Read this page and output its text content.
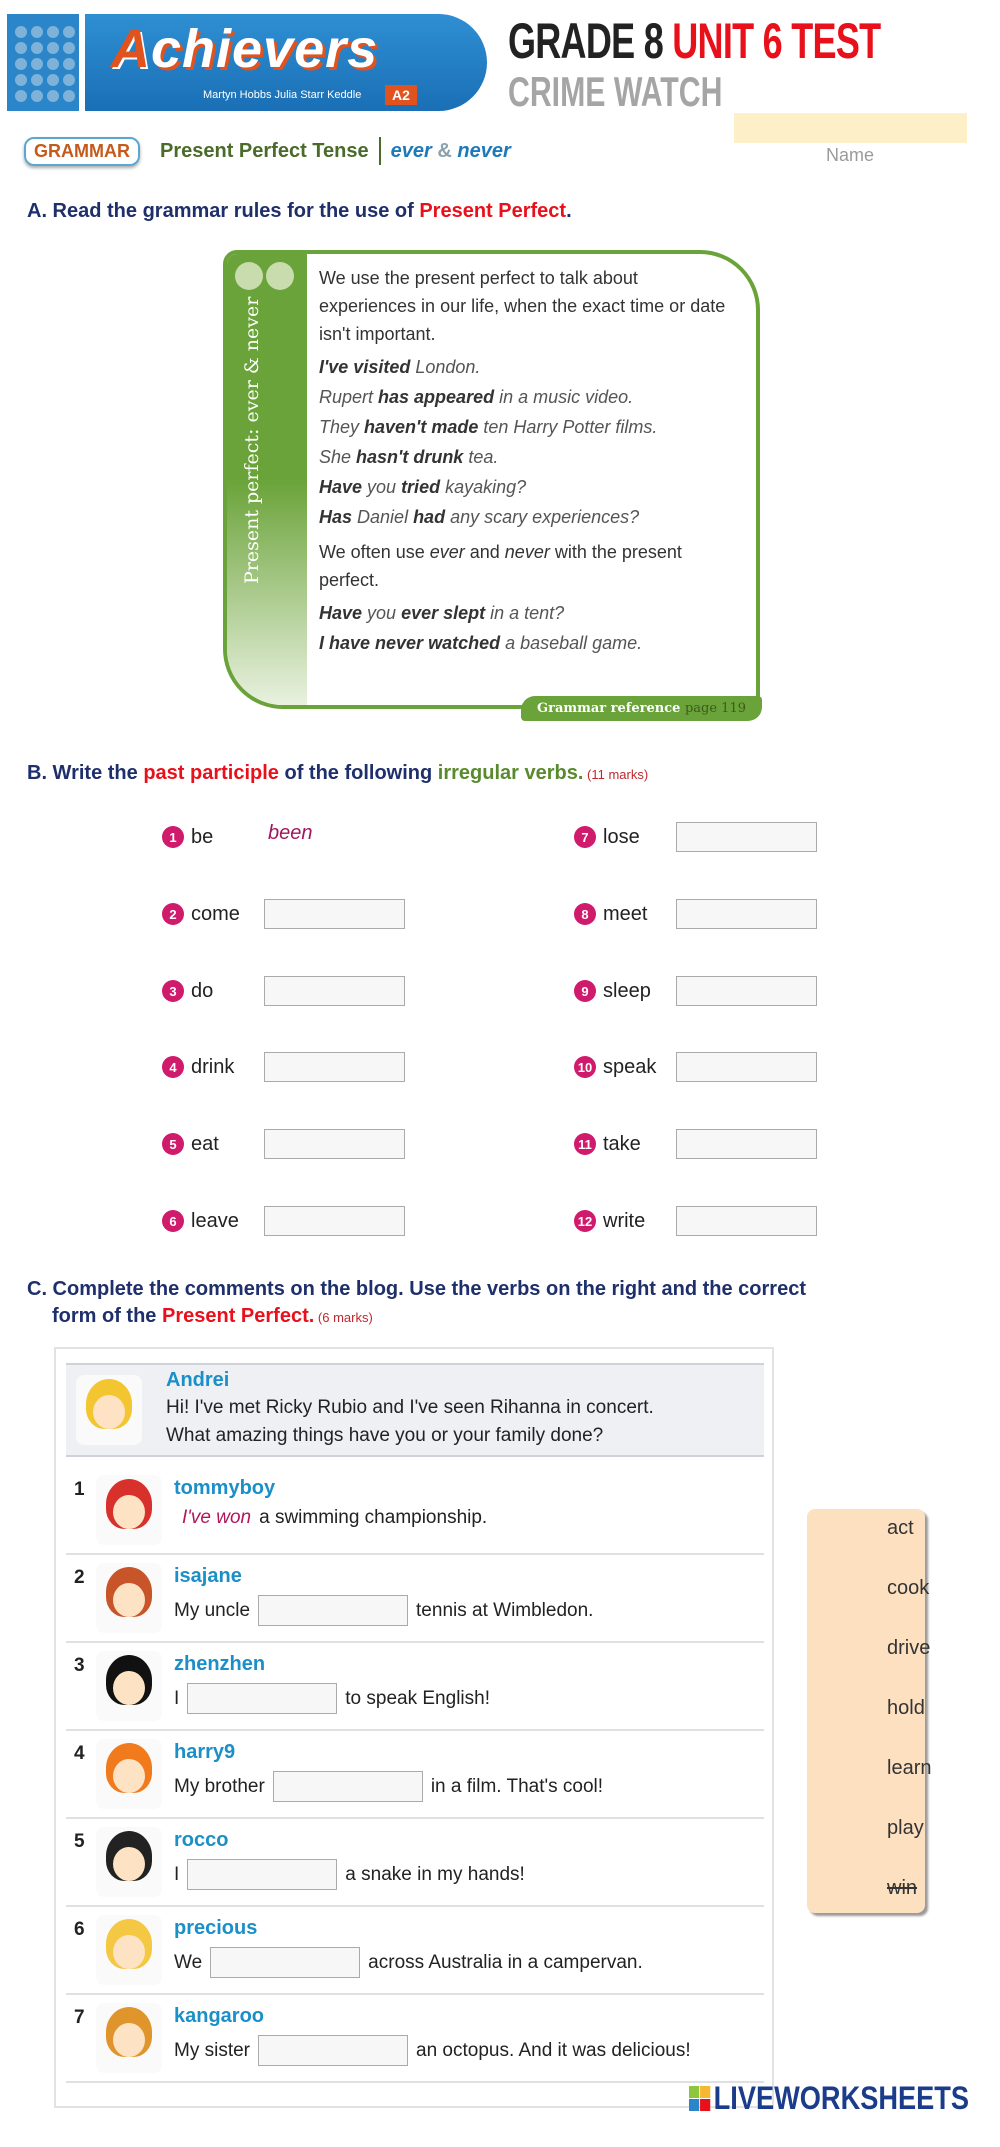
Achievers
Martyn Hobbs Julia Starr Keddle	A2
GRADE 8 UNIT 6 TEST
CRIME WATCH
Name
GRAMMAR	Present Perfect Tense ever & never
A. Read the grammar rules for the use of Present Perfect.
Present perfect: ever & never

We use the present perfect to talk about experiences in our life, when the exact time or date isn't important.

I've visited London.

Rupert has appeared in a music video.

They haven't made ten Harry Potter films.

She hasn't drunk tea.

Have you tried kayaking?

Has Daniel had any scary experiences?

We often use ever and never with the present perfect.

Have you ever slept in a tent?

I have never watched a baseball game.

Grammar reference page 119
B. Write the past participle of the following irregular verbs. (11 marks)
1 be	been
2 come
3 do
4 drink
5 eat
6 leave
7 lose
8 meet
9 sleep
10 speak
11 take
12 write
C. Complete the comments on the blog. Use the verbs on the right and the correct
form of the Present Perfect. (6 marks)
Andrei
Hi! I've met Ricky Rubio and I've seen Rihanna in concert.
What amazing things have you or your family done?
1	tommyboy
I've won a swimming championship.
2	isajane
My uncle	tennis at Wimbledon.
3	zhenzhen
I	to speak English!
4	harry9
My brother	in a film. That's cool!
5	rocco
I	a snake in my hands!
6	precious
We	across Australia in a campervan.
7	kangaroo
My sister	an octopus. And it was delicious!
act
cook
drive
hold
learn
play
win
LIVEWORKSHEETS
